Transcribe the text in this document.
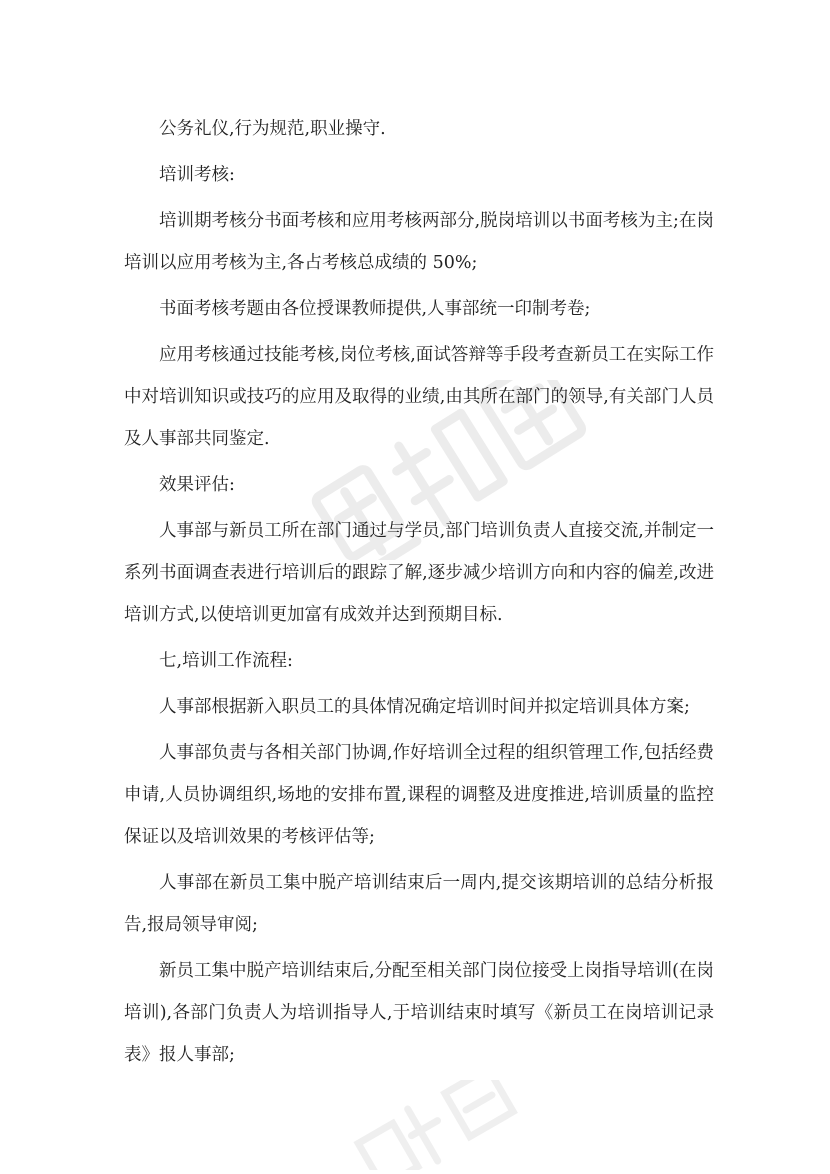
公务礼仪,行为规范,职业操守.

培训考核:

培训期考核分书面考核和应用考核两部分,脱岗培训以书面考核为主;在岗培训以应用考核为主,各占考核总成绩的 50%;

书面考核考题由各位授课教师提供,人事部统一印制考卷;

应用考核通过技能考核,岗位考核,面试答辩等手段考查新员工在实际工作中对培训知识或技巧的应用及取得的业绩,由其所在部门的领导,有关部门人员及人事部共同鉴定.

效果评估:

人事部与新员工所在部门通过与学员,部门培训负责人直接交流,并制定一系列书面调查表进行培训后的跟踪了解,逐步减少培训方向和内容的偏差,改进培训方式,以使培训更加富有成效并达到预期目标.

七,培训工作流程:

人事部根据新入职员工的具体情况确定培训时间并拟定培训具体方案;

人事部负责与各相关部门协调,作好培训全过程的组织管理工作,包括经费申请,人员协调组织,场地的安排布置,课程的调整及进度推进,培训质量的监控保证以及培训效果的考核评估等;

人事部在新员工集中脱产培训结束后一周内,提交该期培训的总结分析报告,报局领导审阅;

新员工集中脱产培训结束后,分配至相关部门岗位接受上岗指导培训(在岗培训),各部门负责人为培训指导人,于培训结束时填写《新员工在岗培训记录表》报人事部;
